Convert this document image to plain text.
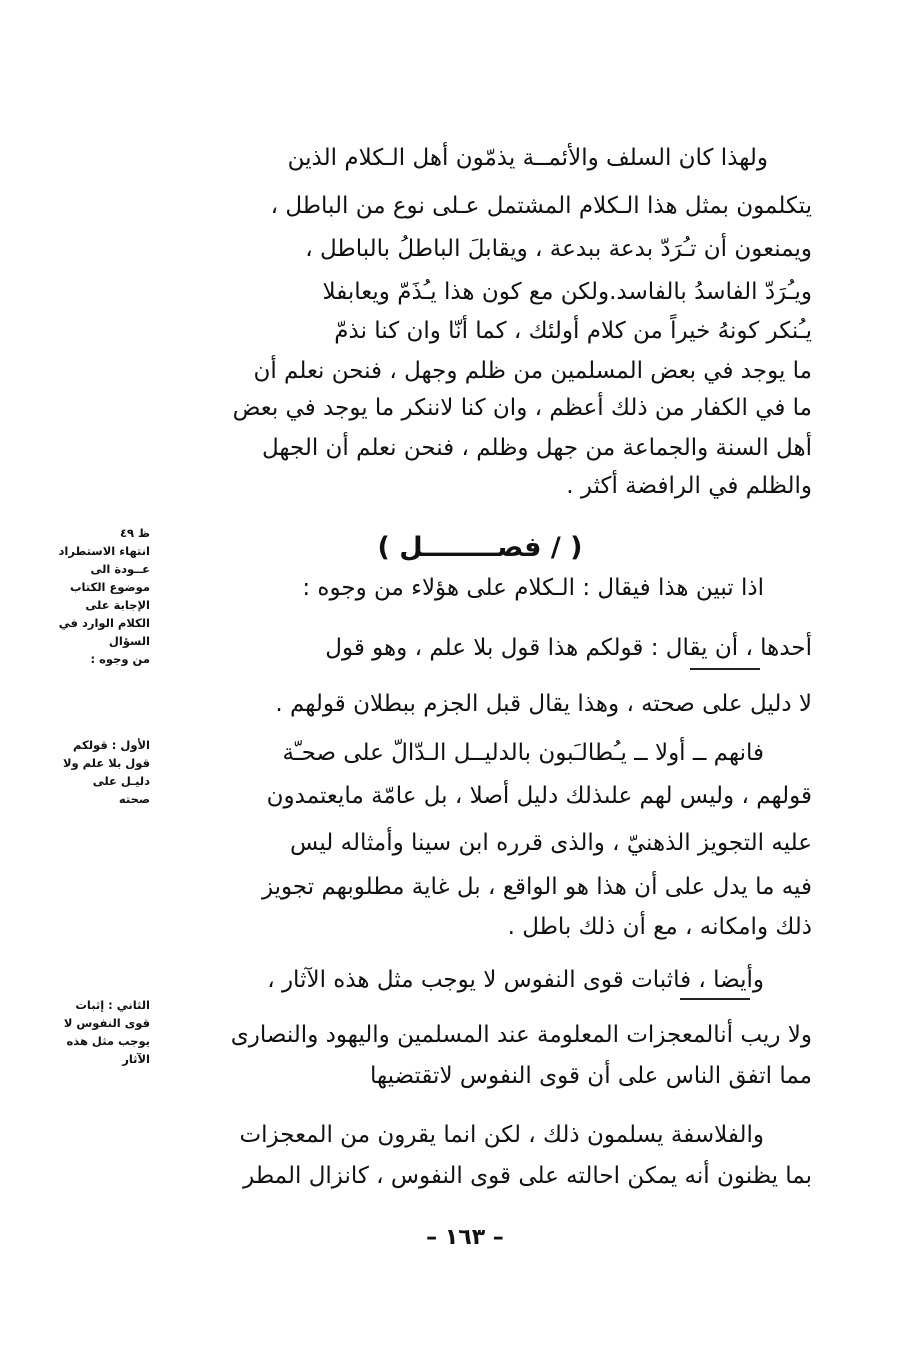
ولهذا كان السلف والأئمــة يذمّون أهل الـكلام الذين
يتكلمون بمثل هذا الـكلام المشتمل عـلى نوع من الباطل ،
ويمنعون أن تـُرَدّ بدعة ببدعة ، ويقابلَ الباطلُ بالباطل ،
ويـُرَدّ الفاسدُ بالفاسد.ولكن مع كون هذا يـُذَمّ ويعابفلا
يـُنكر كونهُ خيراً من كلام أولئك ، كما أنّا وان كنا نذمّ
ما يوجد في بعض المسلمين من ظلم وجهل ، فنحن نعلم أن
ما في الكفار من ذلك أعظم ، وان كنا لاننكر ما يوجد في بعض
أهل السنة والجماعة من جهل وظلم ، فنحن نعلم أن الجهل
والظلم في الرافضة أكثر .
( / فصــــــــل )
اذا تبين هذا فيقال : الـكلام على هؤلاء من وجوه :
أحدها ، أن يقال : قولكم هذا قول بلا علم ، وهو قول
لا دليل على صحته ، وهذا يقال قبل الجزم ببطلان قولهم .
فانهم ــ أولا ــ يـُطالـَبون بالدليــل الـدّالّ على صحـّة
قولهم ، وليس لهم علىذلك دليل أصلا ، بل عامّة مايعتمدون
عليه التجويز الذهنيّ ، والذى قرره ابن سينا وأمثاله ليس
فيه ما يدل على أن هذا هو الواقع ، بل غاية مطلوبهم تجويز
ذلك وامكانه ، مع أن ذلك باطل .
وأيضا ، فاثبات قوى النفوس لا يوجب مثل هذه الآثار ،
ولا ريب أنالمعجزات المعلومة عند المسلمين واليهود والنصارى
مما اتفق الناس على أن قوى النفوس لاتقتضيها
والفلاسفة يسلمون ذلك ، لكن انما يقرون من المعجزات
بما يظنون أنه يمكن احالته على قوى النفوس ، كانزال المطر
ظ ٤٩
انتهاء الاستطراد
عــودة الى
موضوع الكتاب
الإجابة على
الكلام الوارد في
السؤال
من وجوه :
الأول : قولكم
قول بلا علم ولا
دليـل على
صحته
الثاني : إثبات
قوى النفوس لا
يوجب مثل هذه
الآثار
– ١٦٣ –
